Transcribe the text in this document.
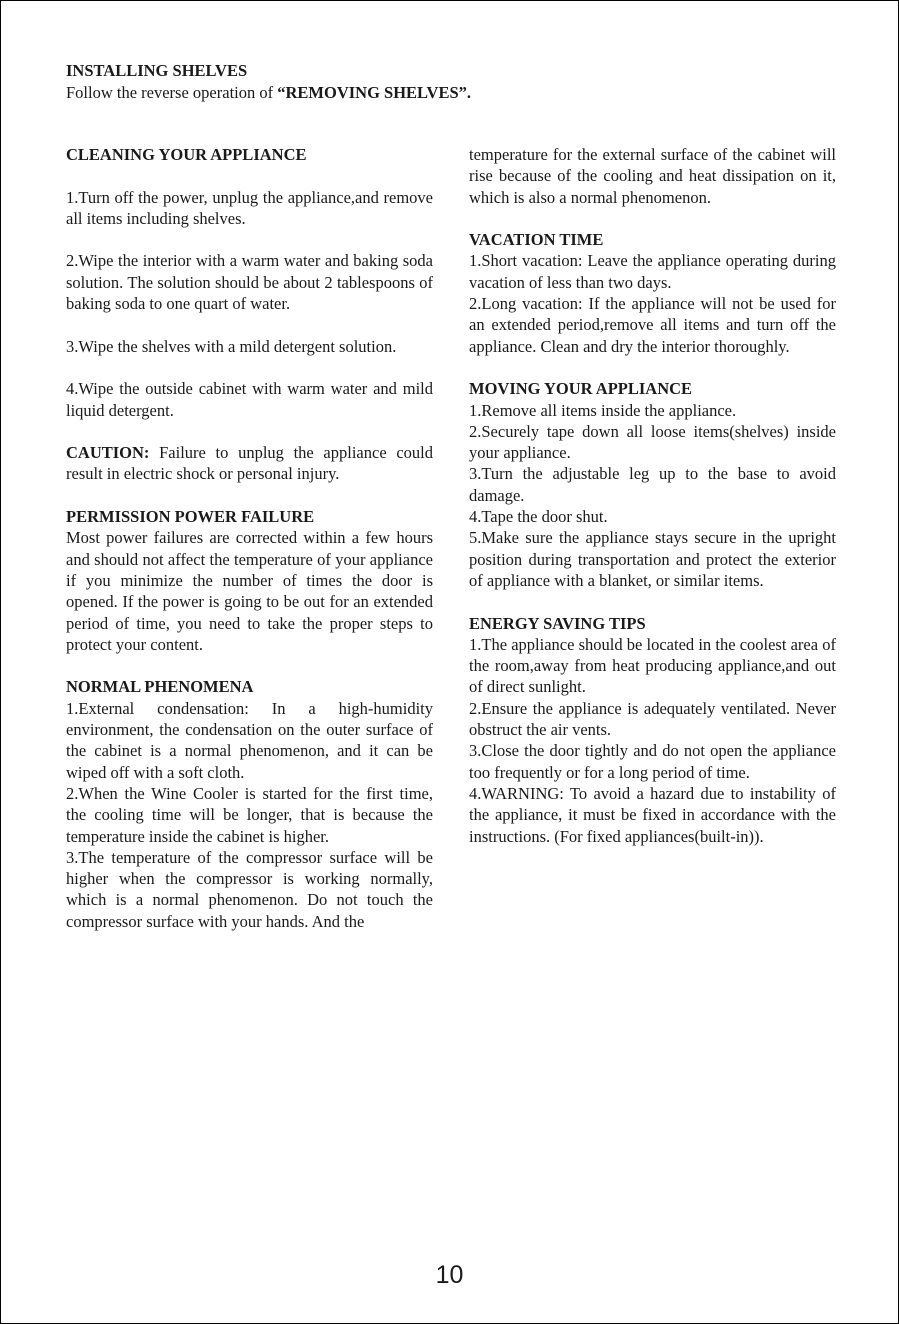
INSTALLING SHELVES

Follow the reverse operation of “REMOVING SHELVES”.

CLEANING YOUR APPLIANCE

1.Turn off the power, unplug the appliance,and remove all items including shelves.

2.Wipe the interior with a warm water and baking soda solution. The solution should be about 2 tablespoons of baking soda to one quart of water.

3.Wipe the shelves with a mild detergent solution.

4.Wipe the outside cabinet with warm water and mild liquid detergent.

CAUTION: Failure to unplug the appliance could result in electric shock or personal injury.

PERMISSION POWER FAILURE

Most power failures are corrected within a few hours and should not affect the temperature of your appliance if you minimize the number of times the door is opened. If the power is going to be out for an extended period of time, you need to take the proper steps to protect your content.

NORMAL PHENOMENA

1.External condensation: In a high-humidity environment, the condensation on the outer surface of the cabinet is a normal phenomenon, and it can be wiped off with a soft cloth.

2.When the Wine Cooler is started for the first time, the cooling time will be longer, that is because the temperature inside the cabinet is higher.

3.The temperature of the compressor surface will be higher when the compressor is working normally, which is a normal phenomenon. Do not touch the compressor surface with your hands. And the

temperature for the external surface of the cabinet will rise because of the cooling and heat dissipation on it, which is also a normal phenomenon.

VACATION TIME

1.Short vacation: Leave the appliance operating during vacation of less than two days.

2.Long vacation: If the appliance will not be used for an extended period,remove all items and turn off the appliance. Clean and dry the interior thoroughly.

MOVING YOUR APPLIANCE

1.Remove all items inside the appliance.

2.Securely tape down all loose items(shelves) inside your appliance.

3.Turn the adjustable leg up to the base to avoid damage.

4.Tape the door shut.

5.Make sure the appliance stays secure in the upright position during transportation and protect the exterior of appliance with a blanket, or similar items.

ENERGY SAVING TIPS

1.The appliance should be located in the coolest area of the room,away from heat producing appliance,and out of direct sunlight.

2.Ensure the appliance is adequately ventilated. Never obstruct the air vents.

3.Close the door tightly and do not open the appliance too frequently or for a long period of time.

4.WARNING: To avoid a hazard due to instability of the appliance, it must be fixed in accordance with the instructions. (For fixed appliances(built-in)).

10
